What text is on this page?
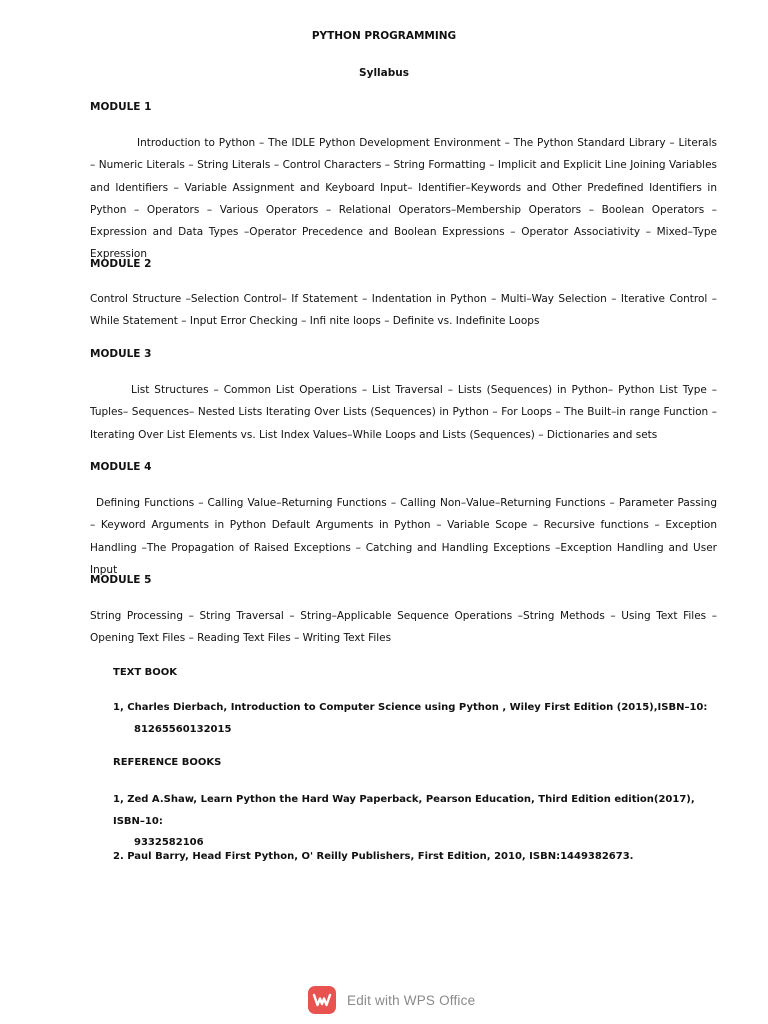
PYTHON PROGRAMMING
Syllabus
MODULE 1

Introduction to Python – The IDLE Python Development Environment – The Python Standard Library – Literals – Numeric Literals – String Literals – Control Characters – String Formatting – Implicit and Explicit Line Joining Variables and Identifiers – Variable Assignment and Keyboard Input– Identifier–Keywords and Other Predefined Identifiers in Python – Operators – Various Operators – Relational Operators–Membership Operators – Boolean Operators – Expression and Data Types –Operator Precedence and Boolean Expressions – Operator Associativity – Mixed–Type Expression

MODULE 2

Control Structure –Selection Control– If Statement – Indentation in Python – Multi–Way Selection – Iterative Control – While Statement – Input Error Checking – Infi nite loops – Definite vs. Indefinite Loops

MODULE 3

List Structures – Common List Operations – List Traversal – Lists (Sequences) in Python– Python List Type – Tuples– Sequences– Nested Lists Iterating Over Lists (Sequences) in Python – For Loops – The Built–in range Function – Iterating Over List Elements vs. List Index Values–While Loops and Lists (Sequences) – Dictionaries and sets

MODULE 4

Defining Functions – Calling Value–Returning Functions – Calling Non–Value–Returning Functions – Parameter Passing – Keyword Arguments in Python Default Arguments in Python – Variable Scope – Recursive functions – Exception Handling –The Propagation of Raised Exceptions – Catching and Handling Exceptions –Exception Handling and User Input

MODULE 5

String Processing – String Traversal – String–Applicable Sequence Operations –String Methods – Using Text Files – Opening Text Files – Reading Text Files – Writing Text Files

TEXT BOOK
1, Charles Dierbach, Introduction to Computer Science using Python , Wiley First Edition (2015),ISBN–10:
81265560132015
REFERENCE BOOKS
1, Zed A.Shaw, Learn Python the Hard Way Paperback, Pearson Education, Third Edition edition(2017), ISBN–10:
9332582106
2. Paul Barry, Head First Python, O' Reilly Publishers, First Edition, 2010, ISBN:1449382673.
Edit with WPS Office
